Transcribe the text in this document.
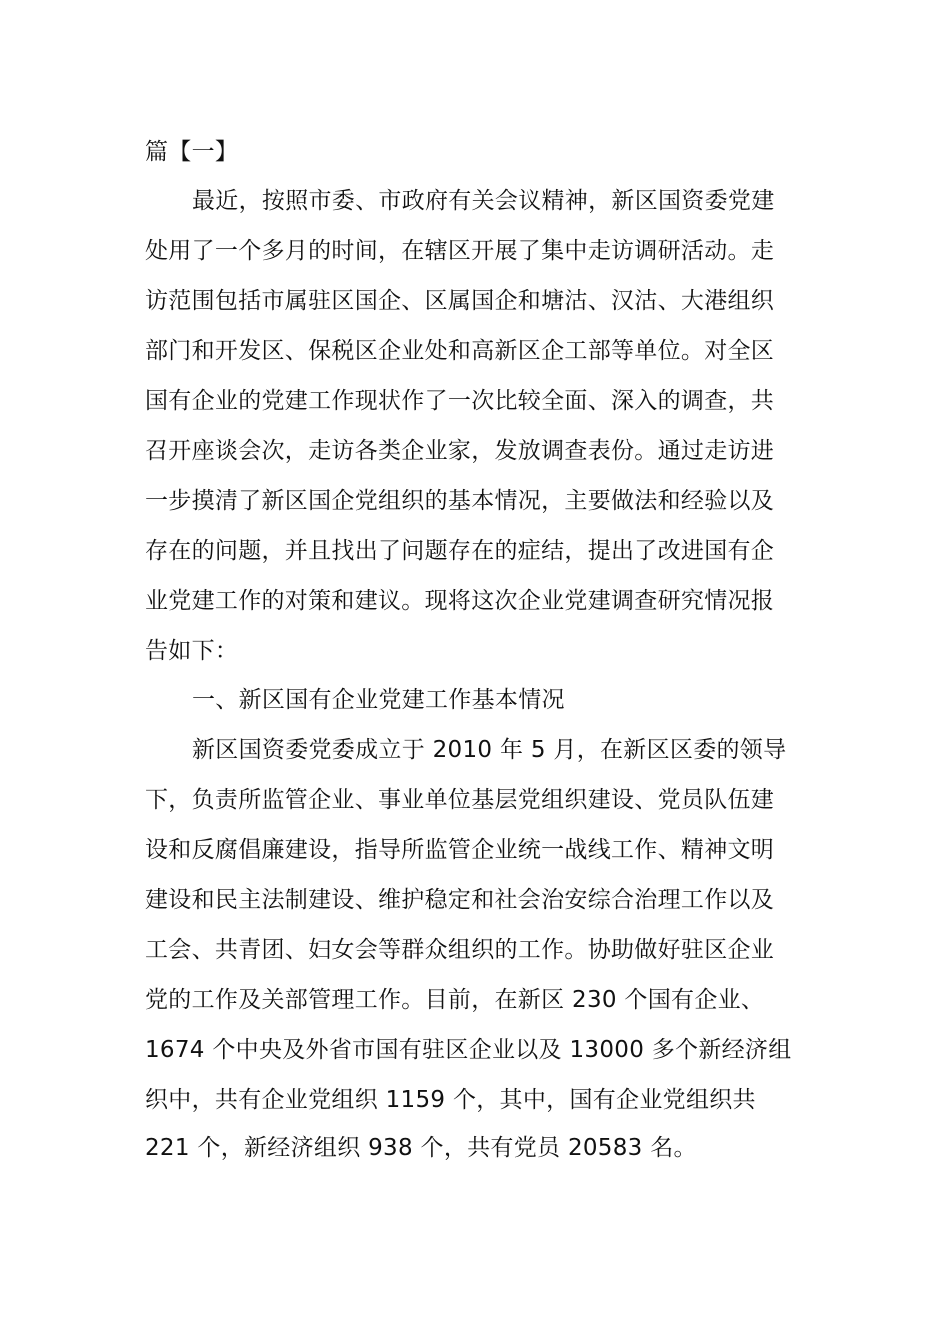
篇【一】
最近，按照市委、市政府有关会议精神，新区国资委党建
处用了一个多月的时间，在辖区开展了集中走访调研活动。走
访范围包括市属驻区国企、区属国企和塘沽、汉沽、大港组织
部门和开发区、保税区企业处和高新区企工部等单位。对全区
国有企业的党建工作现状作了一次比较全面、深入的调查，共
召开座谈会次，走访各类企业家，发放调查表份。通过走访进
一步摸清了新区国企党组织的基本情况，主要做法和经验以及
存在的问题，并且找出了问题存在的症结，提出了改进国有企
业党建工作的对策和建议。现将这次企业党建调查研究情况报
告如下：
一、新区国有企业党建工作基本情况
新区国资委党委成立于 2010 年 5 月，在新区区委的领导
下，负责所监管企业、事业单位基层党组织建设、党员队伍建
设和反腐倡廉建设，指导所监管企业统一战线工作、精神文明
建设和民主法制建设、维护稳定和社会治安综合治理工作以及
工会、共青团、妇女会等群众组织的工作。协助做好驻区企业
党的工作及关部管理工作。目前，在新区 230 个国有企业、
1674 个中央及外省市国有驻区企业以及 13000 多个新经济组
织中，共有企业党组织 1159 个，其中，国有企业党组织共
221 个，新经济组织 938 个，共有党员 20583 名。
